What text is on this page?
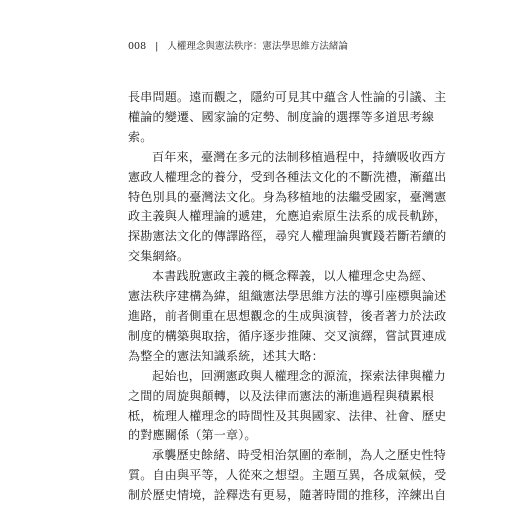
008 | 人權理念與憲法秩序：憲法學思維方法緒論

長串問題。遠而觀之，隱約可見其中蘊含人性論的引議、主
權論的變遷、國家論的定勢、制度論的選擇等多道思考線
索。

百年來，臺灣在多元的法制移植過程中，持續吸收西方
憲政人權理念的養分，受到各種法文化的不斷洗禮，漸蘊出
特色別具的臺灣法文化。身為移植地的法繼受國家，臺灣憲
政主義與人權理論的遞建，允應追索原生法系的成長軌跡，
探勘憲法文化的傳譯路徑，尋究人權理論與實踐若斷若續的
交集網絡。

本書践脫憲政主義的概念釋義，以人權理念史為經、
憲法秩序建構為緯，組織憲法學思維方法的導引座標與論述
進路，前者側重在思想觀念的生成與演替，後者著力於法政
制度的構築與取捨，循序逐步推陳、交叉演繹，嘗試貫連成
為整全的憲法知識系統，述其大略：

起始也，回溯憲政與人權理念的源流，探索法律與權力
之間的周旋與顛轉，以及法律而憲法的漸進過程與積累根
柢，梳理人權理念的時間性及其與國家、法律、社會、歷史
的對應關係（第一章）。

承襲歷史餘緒、時受相治氛圍的牽制，為人之歷史性特
質。自由與平等，人從來之想望。主題互異，各成氣候，受
制於歷史情境，詮釋迭有更易，隨著時間的推移，淬練出自
